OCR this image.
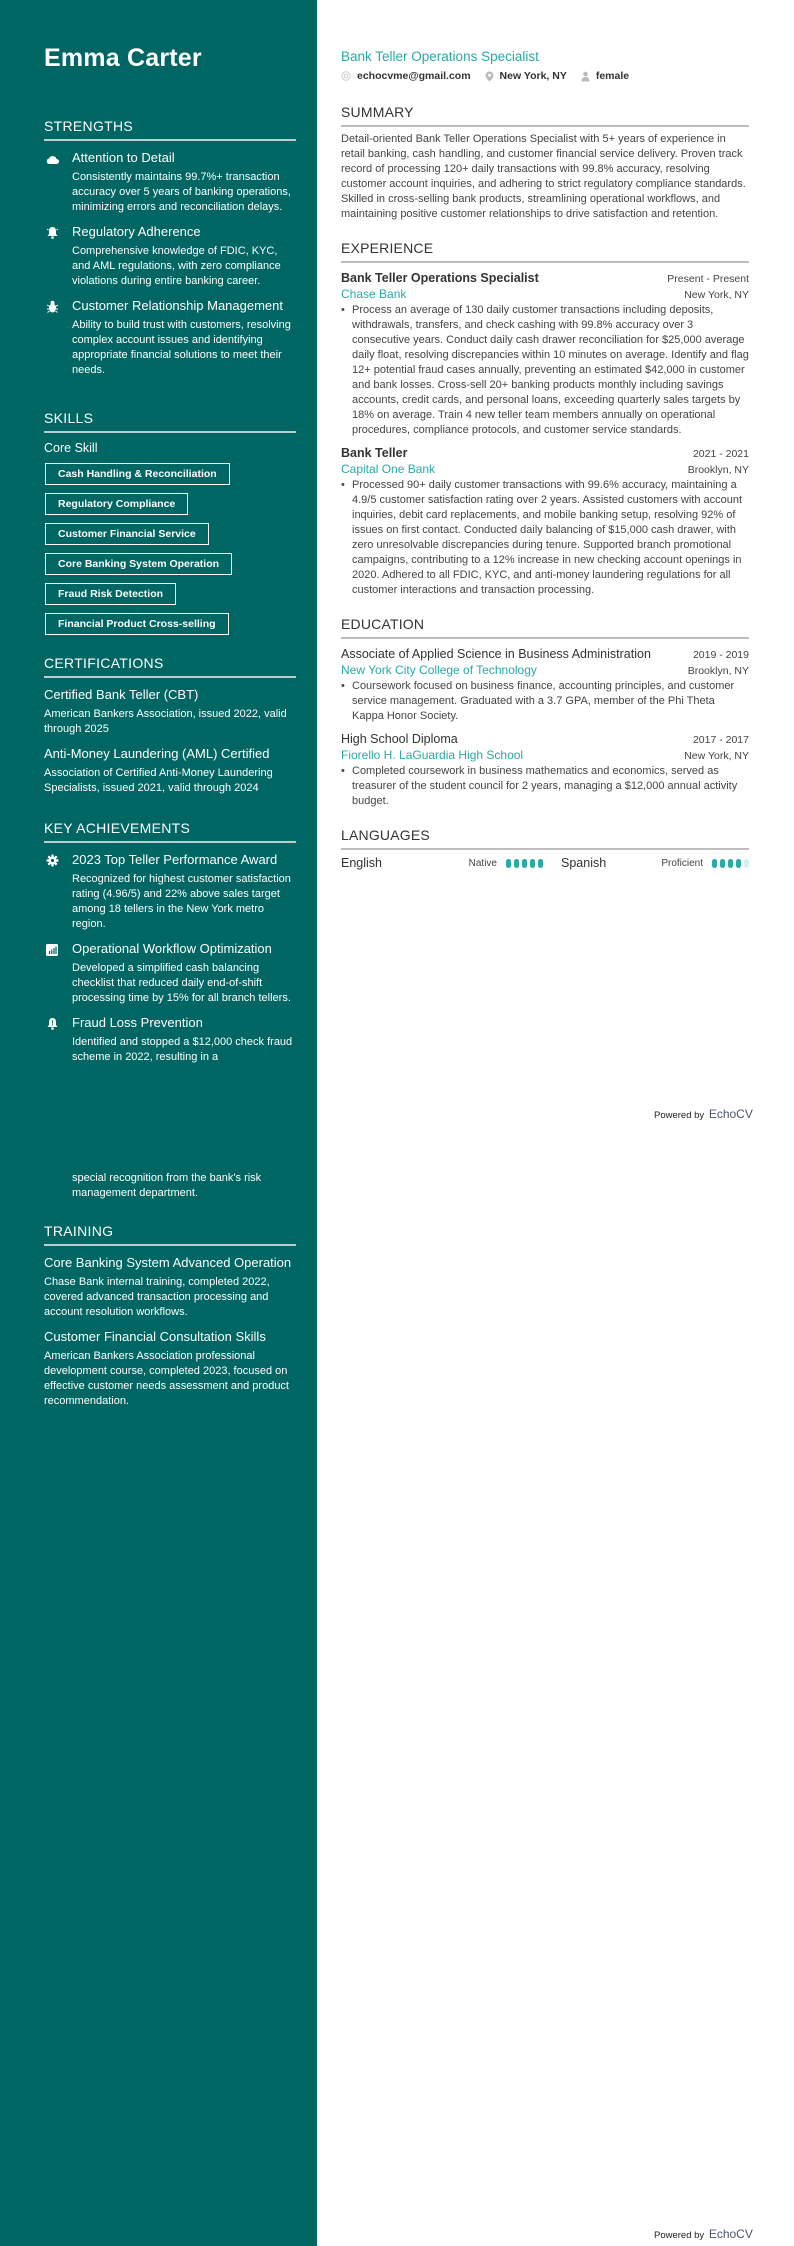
Emma Carter
STRENGTHS
Attention to Detail
Consistently maintains 99.7%+ transaction accuracy over 5 years of banking operations, minimizing errors and reconciliation delays.
Regulatory Adherence
Comprehensive knowledge of FDIC, KYC, and AML regulations, with zero compliance violations during entire banking career.
Customer Relationship Management
Ability to build trust with customers, resolving complex account issues and identifying appropriate financial solutions to meet their needs.
SKILLS
Core Skill
Cash Handling & Reconciliation
Regulatory Compliance
Customer Financial Service
Core Banking System Operation
Fraud Risk Detection
Financial Product Cross-selling
CERTIFICATIONS
Certified Bank Teller (CBT)
American Bankers Association, issued 2022, valid through 2025
Anti-Money Laundering (AML) Certified
Association of Certified Anti-Money Laundering Specialists, issued 2021, valid through 2024
KEY ACHIEVEMENTS
2023 Top Teller Performance Award
Recognized for highest customer satisfaction rating (4.96/5) and 22% above sales target among 18 tellers in the New York metro region.
Operational Workflow Optimization
Developed a simplified cash balancing checklist that reduced daily end-of-shift processing time by 15% for all branch tellers.
Fraud Loss Prevention
Identified and stopped a $12,000 check fraud scheme in 2022, resulting in a
special recognition from the bank's risk management department.
TRAINING
Core Banking System Advanced Operation
Chase Bank internal training, completed 2022, covered advanced transaction processing and account resolution workflows.
Customer Financial Consultation Skills
American Bankers Association professional development course, completed 2023, focused on effective customer needs assessment and product recommendation.
Bank Teller Operations Specialist
echocvme@gmail.com	New York, NY	female
SUMMARY
Detail-oriented Bank Teller Operations Specialist with 5+ years of experience in retail banking, cash handling, and customer financial service delivery. Proven track record of processing 120+ daily transactions with 99.8% accuracy, resolving customer account inquiries, and adhering to strict regulatory compliance standards. Skilled in cross-selling bank products, streamlining operational workflows, and maintaining positive customer relationships to drive satisfaction and retention.
EXPERIENCE
Bank Teller Operations Specialist	Present - Present
Chase Bank	New York, NY
• Process an average of 130 daily customer transactions including deposits, withdrawals, transfers, and check cashing with 99.8% accuracy over 3 consecutive years. Conduct daily cash drawer reconciliation for $25,000 average daily float, resolving discrepancies within 10 minutes on average. Identify and flag 12+ potential fraud cases annually, preventing an estimated $42,000 in customer and bank losses. Cross-sell 20+ banking products monthly including savings accounts, credit cards, and personal loans, exceeding quarterly sales targets by 18% on average. Train 4 new teller team members annually on operational procedures, compliance protocols, and customer service standards.
Bank Teller	2021 - 2021
Capital One Bank	Brooklyn, NY
• Processed 90+ daily customer transactions with 99.6% accuracy, maintaining a 4.9/5 customer satisfaction rating over 2 years. Assisted customers with account inquiries, debit card replacements, and mobile banking setup, resolving 92% of issues on first contact. Conducted daily balancing of $15,000 cash drawer, with zero unresolvable discrepancies during tenure. Supported branch promotional campaigns, contributing to a 12% increase in new checking account openings in 2020. Adhered to all FDIC, KYC, and anti-money laundering regulations for all customer interactions and transaction processing.
EDUCATION
Associate of Applied Science in Business Administration	2019 - 2019
New York City College of Technology	Brooklyn, NY
• Coursework focused on business finance, accounting principles, and customer service management. Graduated with a 3.7 GPA, member of the Phi Theta Kappa Honor Society.
High School Diploma	2017 - 2017
Fiorello H. LaGuardia High School	New York, NY
• Completed coursework in business mathematics and economics, served as treasurer of the student council for 2 years, managing a $12,000 annual activity budget.
LANGUAGES
English	Native	Spanish	Proficient
Powered by EchoCV
Powered by EchoCV
